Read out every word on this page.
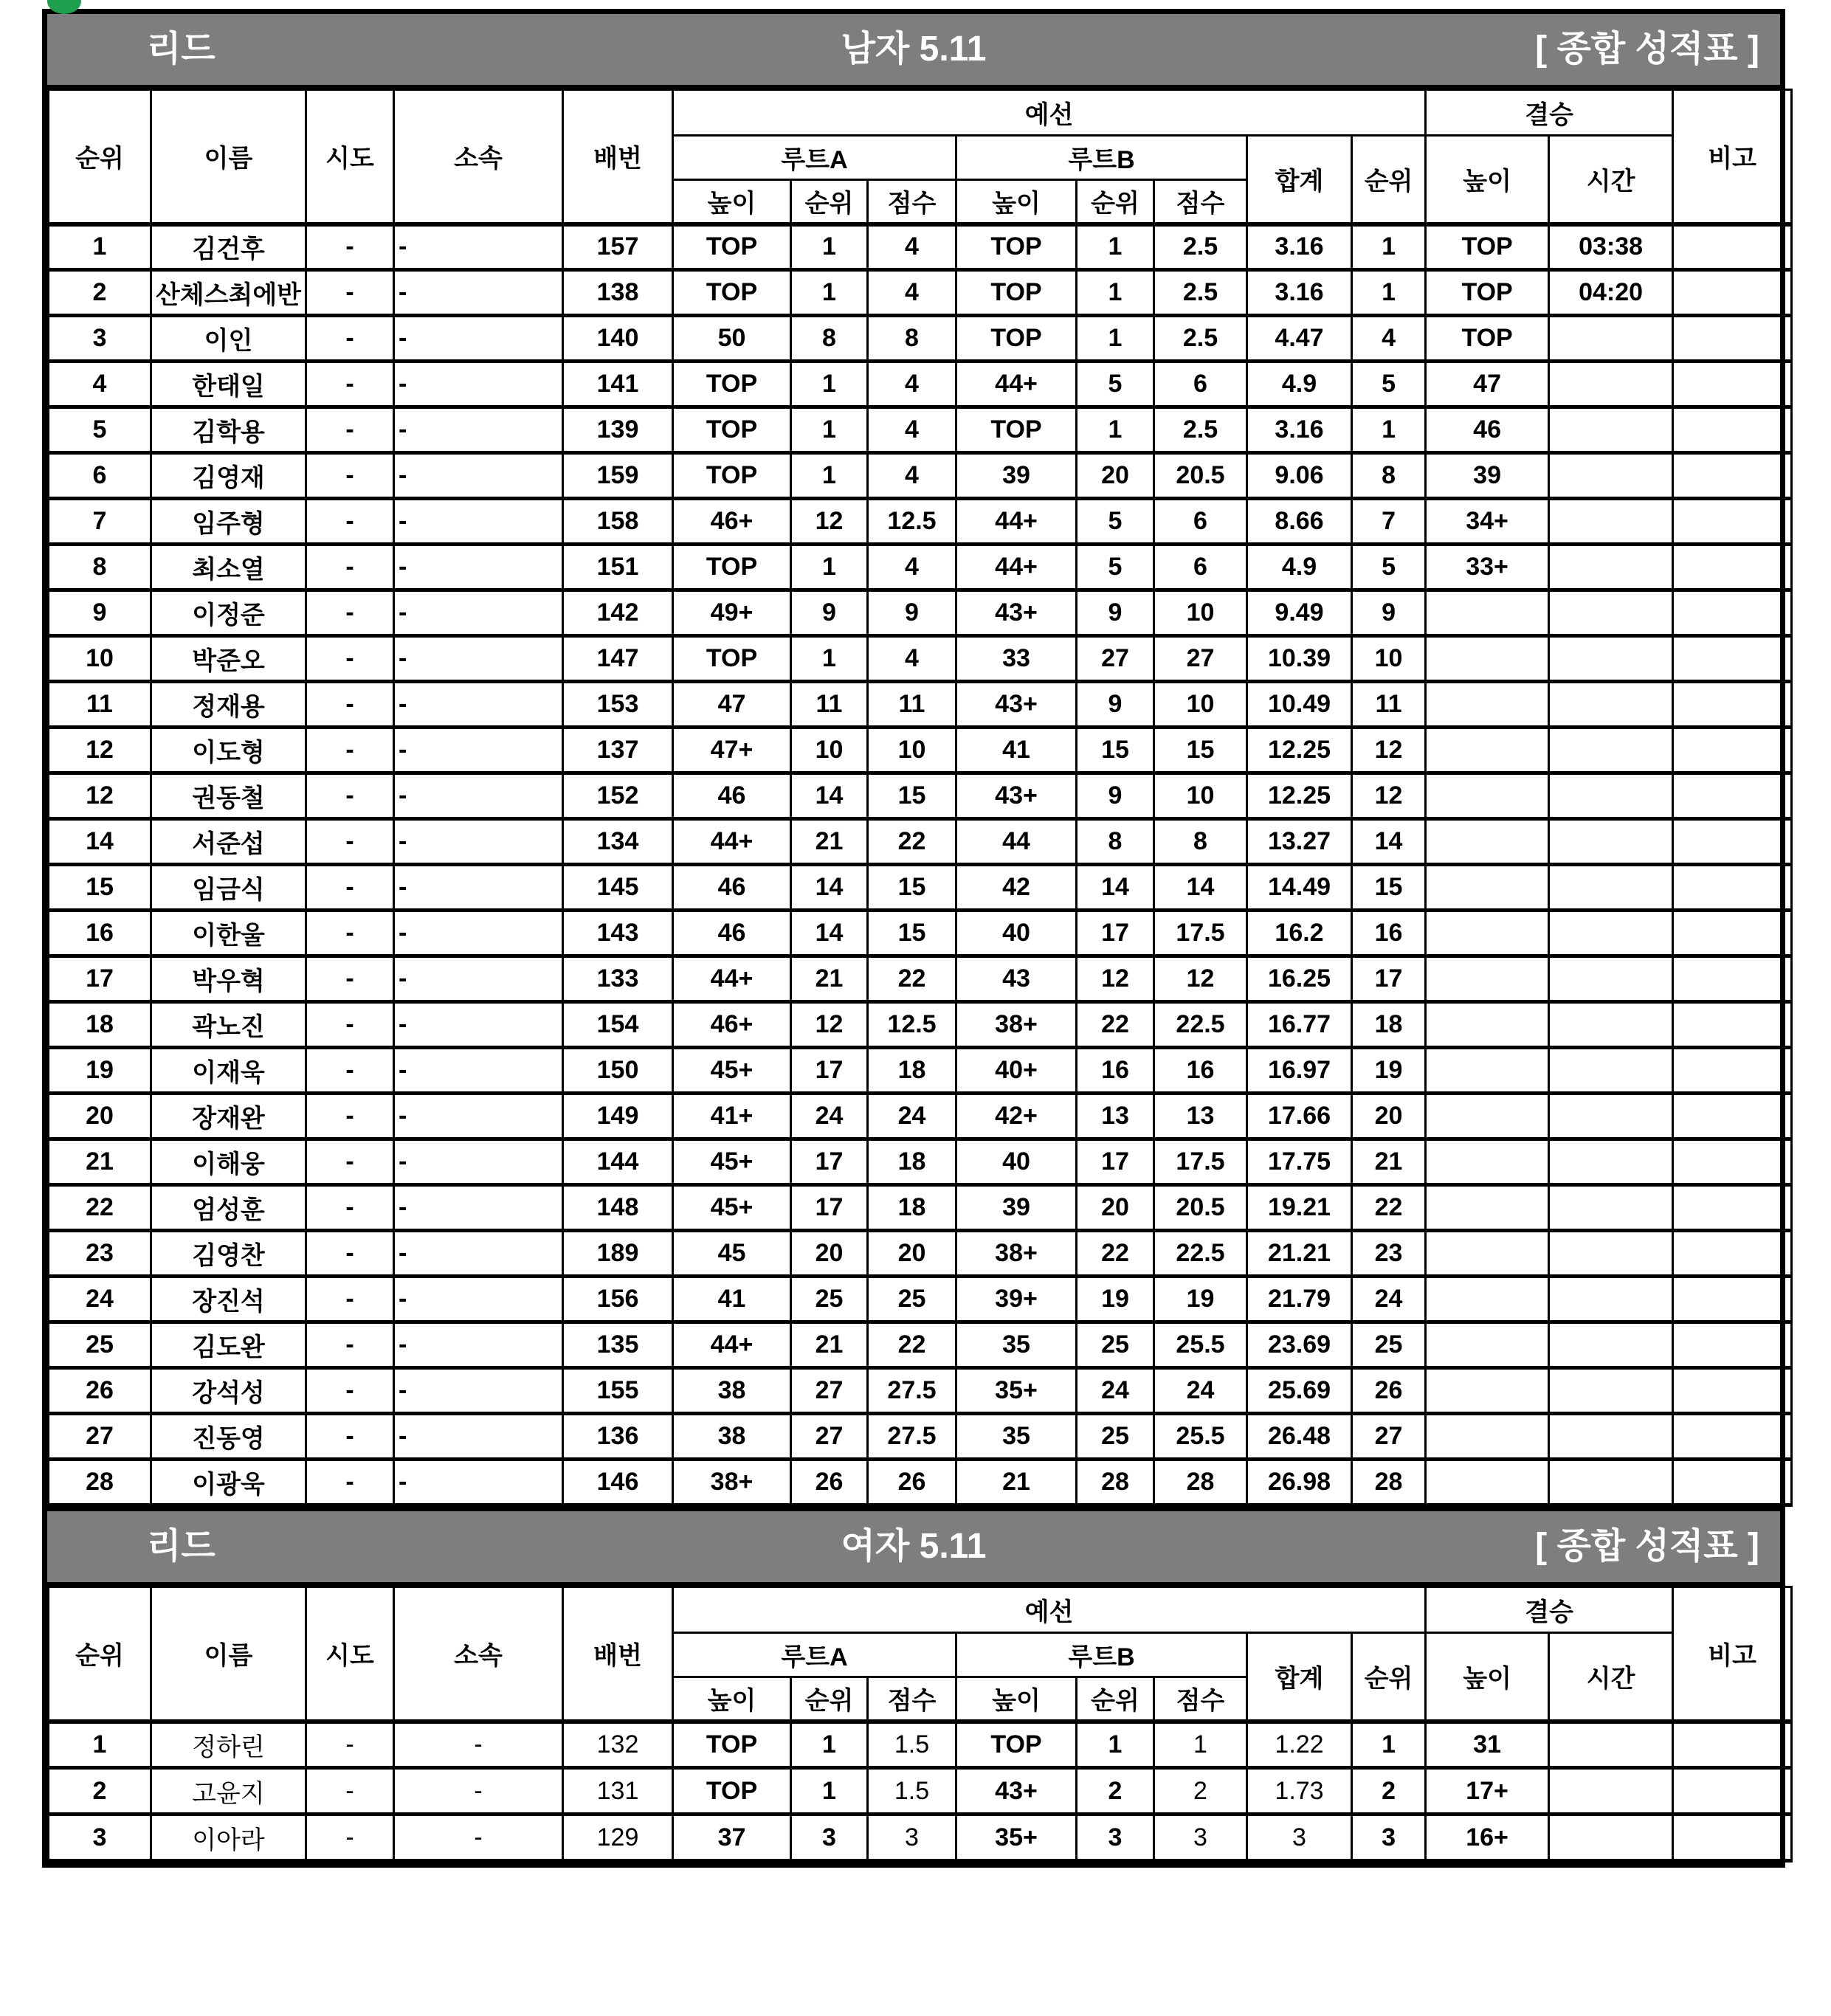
리드	남자 5.11	[ 종합 성적표 ]
순위	이름	시도	소속	배번	예선								결승		비고
					루트A			루트B			합계	순위	높이	시간	
					높이	순위	점수	높이	순위	점수					
1	김건후	-	-	157	TOP	1	4	TOP	1	2.5	3.16	1	TOP	03:38	
2	산체스최에반	-	-	138	TOP	1	4	TOP	1	2.5	3.16	1	TOP	04:20	
3	이인	-	-	140	50	8	8	TOP	1	2.5	4.47	4	TOP		
4	한태일	-	-	141	TOP	1	4	44+	5	6	4.9	5	47		
5	김학용	-	-	139	TOP	1	4	TOP	1	2.5	3.16	1	46		
6	김영재	-	-	159	TOP	1	4	39	20	20.5	9.06	8	39		
7	임주형	-	-	158	46+	12	12.5	44+	5	6	8.66	7	34+		
8	최소열	-	-	151	TOP	1	4	44+	5	6	4.9	5	33+		
9	이정준	-	-	142	49+	9	9	43+	9	10	9.49	9			
10	박준오	-	-	147	TOP	1	4	33	27	27	10.39	10			
11	정재용	-	-	153	47	11	11	43+	9	10	10.49	11			
12	이도형	-	-	137	47+	10	10	41	15	15	12.25	12			
12	권동철	-	-	152	46	14	15	43+	9	10	12.25	12			
14	서준섭	-	-	134	44+	21	22	44	8	8	13.27	14			
15	임금식	-	-	145	46	14	15	42	14	14	14.49	15			
16	이한울	-	-	143	46	14	15	40	17	17.5	16.2	16			
17	박우혁	-	-	133	44+	21	22	43	12	12	16.25	17			
18	곽노진	-	-	154	46+	12	12.5	38+	22	22.5	16.77	18			
19	이재욱	-	-	150	45+	17	18	40+	16	16	16.97	19			
20	장재완	-	-	149	41+	24	24	42+	13	13	17.66	20			
21	이해웅	-	-	144	45+	17	18	40	17	17.5	17.75	21			
22	엄성훈	-	-	148	45+	17	18	39	20	20.5	19.21	22			
23	김영찬	-	-	189	45	20	20	38+	22	22.5	21.21	23			
24	장진석	-	-	156	41	25	25	39+	19	19	21.79	24			
25	김도완	-	-	135	44+	21	22	35	25	25.5	23.69	25			
26	강석성	-	-	155	38	27	27.5	35+	24	24	25.69	26			
27	진동영	-	-	136	38	27	27.5	35	25	25.5	26.48	27			
28	이광욱	-	-	146	38+	26	26	21	28	28	26.98	28			
리드	여자 5.11	[ 종합 성적표 ]
순위	이름	시도	소속	배번	예선								결승		비고
					루트A			루트B			합계	순위	높이	시간	
					높이	순위	점수	높이	순위	점수					
1	정하린	-	-	132	TOP	1	1.5	TOP	1	1	1.22	1	31		
2	고윤지	-	-	131	TOP	1	1.5	43+	2	2	1.73	2	17+		
3	이아라	-	-	129	37	3	3	35+	3	3	3	3	16+		
